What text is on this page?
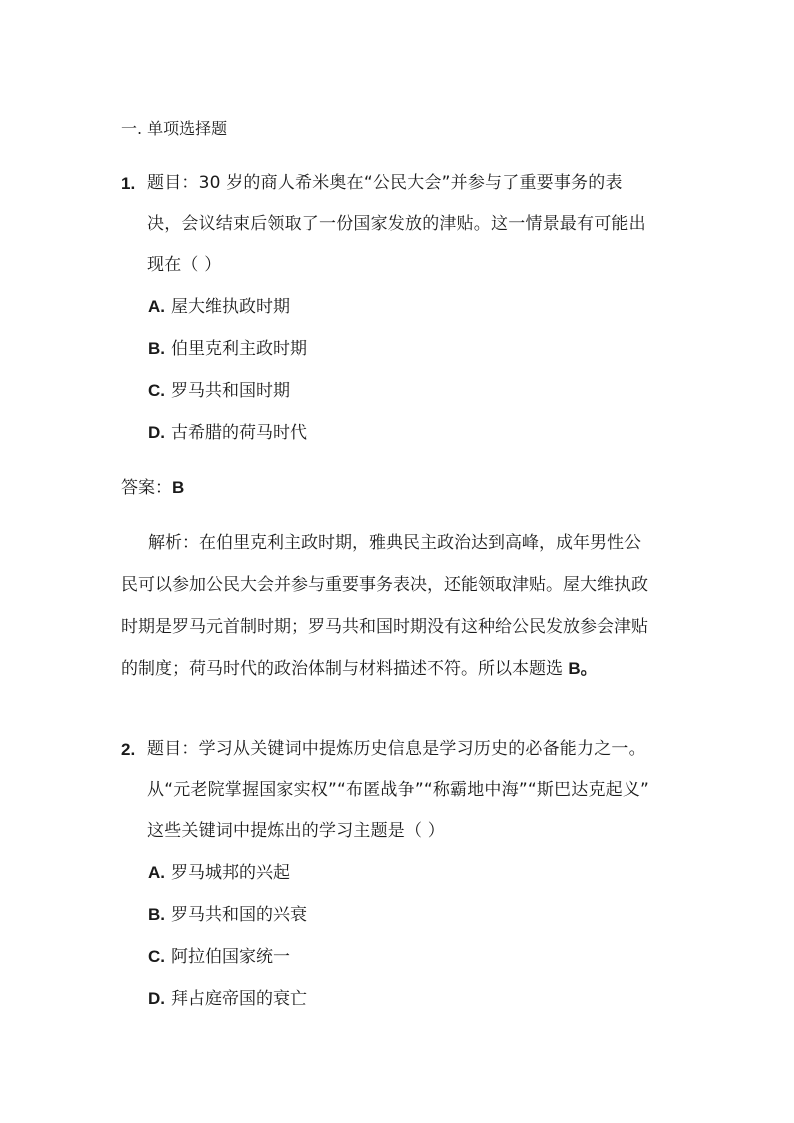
一. 单项选择题
1. 题目：30 岁的商人希米奥在“公民大会”并参与了重要事务的表
决，会议结束后领取了一份国家发放的津贴。这一情景最有可能出
现在（ ）
A. 屋大维执政时期
B. 伯里克利主政时期
C. 罗马共和国时期
D. 古希腊的荷马时代
答案：B
解析：在伯里克利主政时期，雅典民主政治达到高峰，成年男性公
民可以参加公民大会并参与重要事务表决，还能领取津贴。屋大维执政
时期是罗马元首制时期；罗马共和国时期没有这种给公民发放参会津贴
的制度；荷马时代的政治体制与材料描述不符。所以本题选 B。
2. 题目：学习从关键词中提炼历史信息是学习历史的必备能力之一。
从“元老院掌握国家实权”“布匿战争”“称霸地中海”“斯巴达克起义”
这些关键词中提炼出的学习主题是（ ）
A. 罗马城邦的兴起
B. 罗马共和国的兴衰
C. 阿拉伯国家统一
D. 拜占庭帝国的衰亡
